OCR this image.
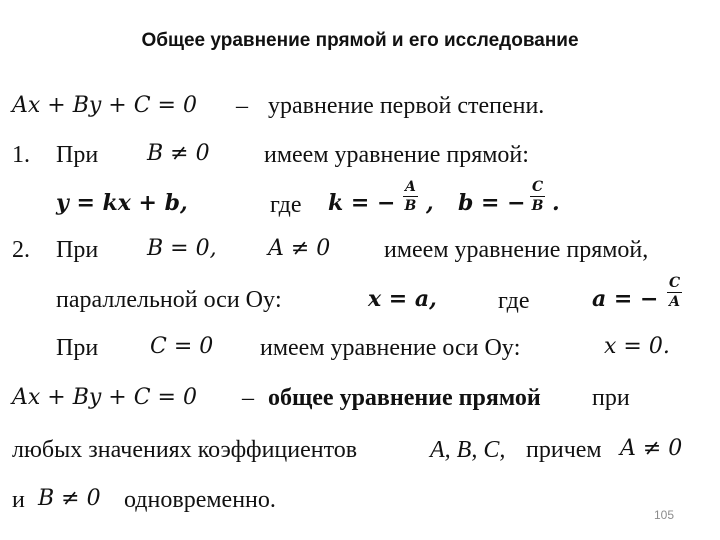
Общее уравнение прямой и его исследование
Ax + By + C = 0 – уравнение первой степени.
1. При B ≠ 0 имеем уравнение прямой:
y = kx + b,	где k = − $\frac{A}{B}$ , b = − $\frac{C}{B}$ .
2. При B = 0, A ≠ 0 имеем уравнение прямой,
параллельной оси Oy:	x = a,	где	a = − $\frac{C}{A}$
При C = 0 имеем уравнение оси Oy:	x = 0.
Ax + By + C = 0 – общее уравнение прямой при
любых значениях коэффициентов	A, B, C, причем A ≠ 0
и B ≠ 0 одновременно.
105
